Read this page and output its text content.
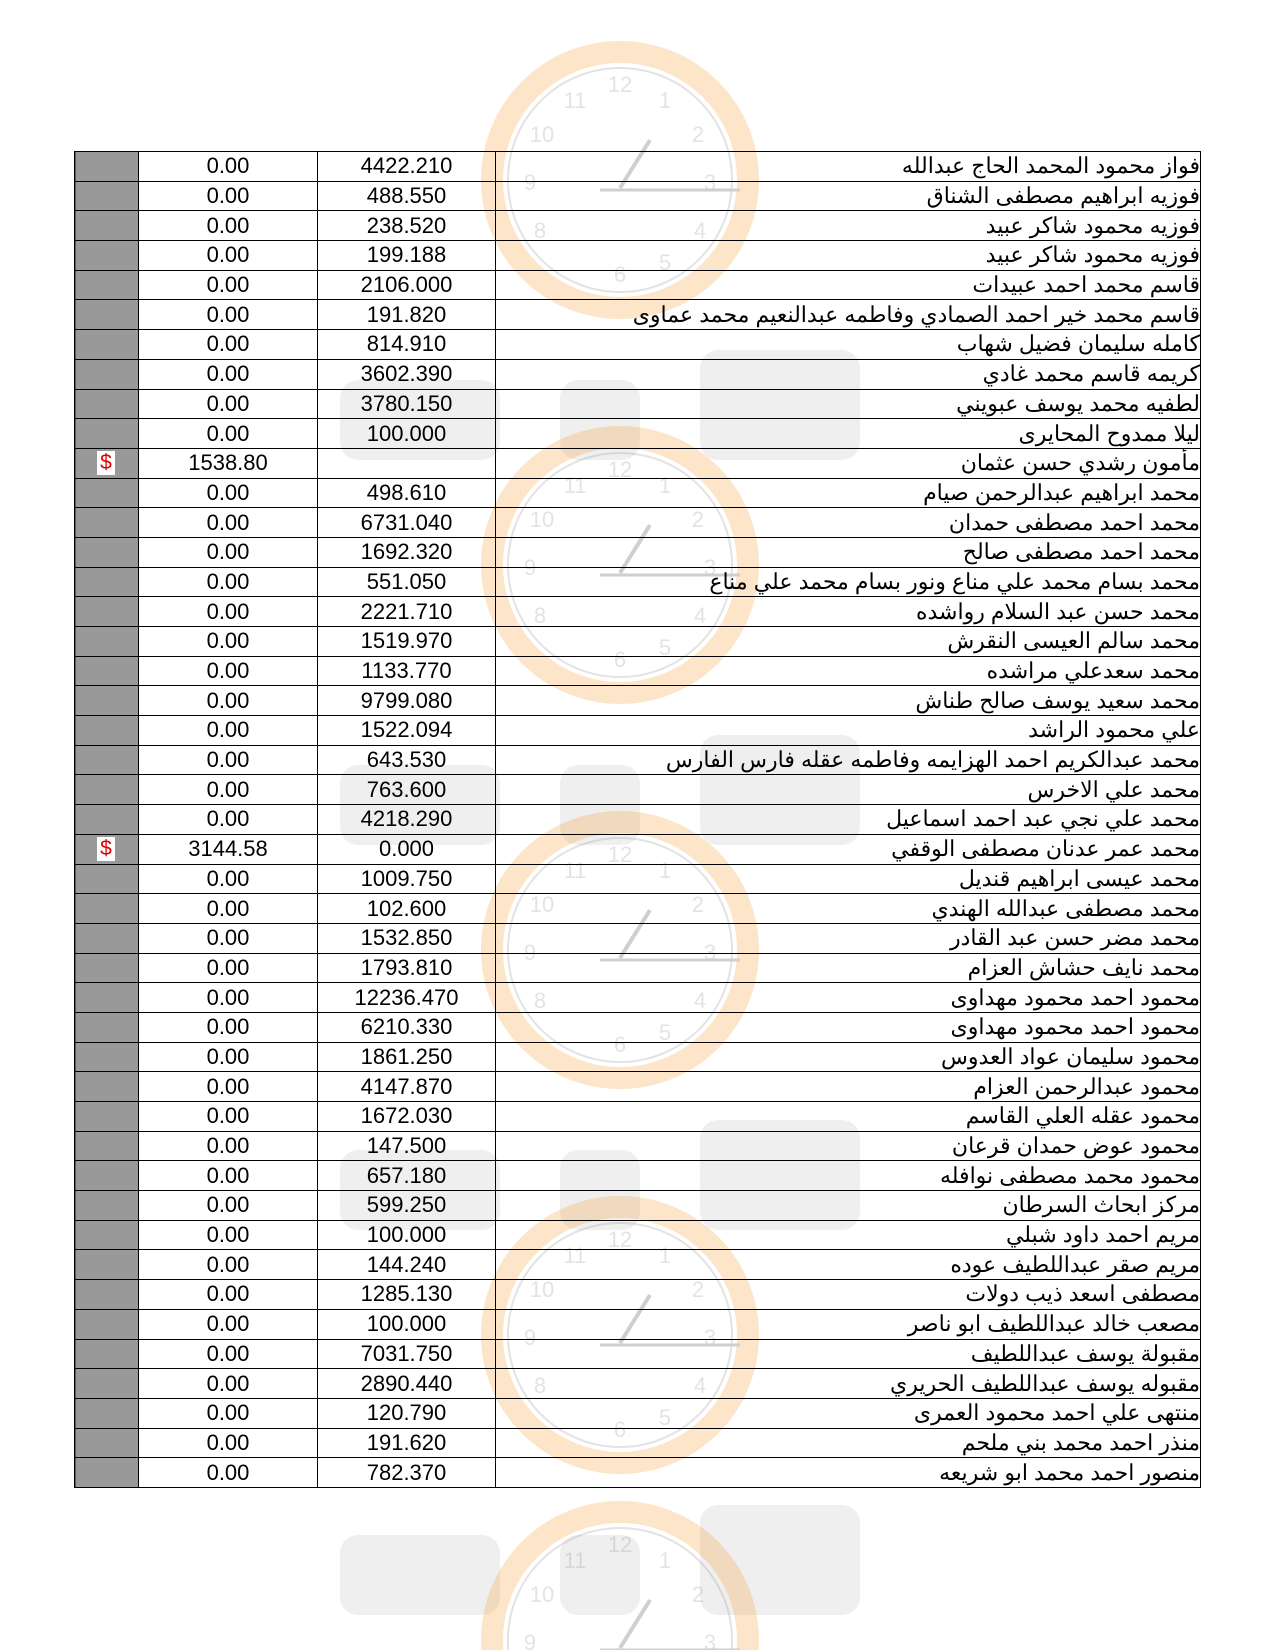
12
1
2
3
4
5
6
8
9
10
11
12
1
2
3
4
5
6
8
9
10
11
12
1
2
3
4
5
6
8
9
10
11
12
1
2
3
4
5
6
8
9
10
11
12
1
2
3
9
10
11
	0.00	4422.210	فواز محمود المحمد الحاج عبدالله
	0.00	488.550	فوزيه ابراهيم مصطفى الشناق
	0.00	238.520	فوزيه محمود شاكر عبيد
	0.00	199.188	فوزيه محمود شاكر عبيد
	0.00	2106.000	قاسم محمد احمد عبيدات
	0.00	191.820	قاسم محمد خير احمد الصمادي وفاطمه عبدالنعيم محمد عماوى
	0.00	814.910	كامله سليمان فضيل شهاب
	0.00	3602.390	كريمه قاسم محمد غادي
	0.00	3780.150	لطفيه محمد يوسف عبويني
	0.00	100.000	ليلا ممدوح المحايرى

$	1538.80		مأمون رشدي حسن عثمان
	0.00	498.610	محمد ابراهيم عبدالرحمن صيام
	0.00	6731.040	محمد احمد مصطفى حمدان
	0.00	1692.320	محمد احمد مصطفى صالح
	0.00	551.050	محمد بسام محمد علي مناع ونور بسام محمد علي مناع
	0.00	2221.710	محمد حسن عبد السلام رواشده
	0.00	1519.970	محمد سالم العيسى النقرش
	0.00	1133.770	محمد سعدعلي مراشده
	0.00	9799.080	محمد سعيد يوسف صالح طناش
	0.00	1522.094	علي محمود الراشد
	0.00	643.530	محمد عبدالكريم احمد الهزايمه وفاطمه عقله فارس الفارس
	0.00	763.600	محمد علي الاخرس
	0.00	4218.290	محمد علي نجي عبد احمد اسماعيل

$	3144.58	0.000	محمد عمر عدنان مصطفى الوقفي
	0.00	1009.750	محمد عيسى ابراهيم قنديل
	0.00	102.600	محمد مصطفى عبدالله الهندي
	0.00	1532.850	محمد مضر حسن عبد القادر
	0.00	1793.810	محمد نايف حشاش العزام
	0.00	12236.470	محمود احمد محمود مهداوى
	0.00	6210.330	محمود احمد محمود مهداوى
	0.00	1861.250	محمود سليمان عواد العدوس
	0.00	4147.870	محمود عبدالرحمن العزام
	0.00	1672.030	محمود عقله العلي القاسم
	0.00	147.500	محمود عوض حمدان قرعان
	0.00	657.180	محمود محمد مصطفى نوافله
	0.00	599.250	مركز ابحاث السرطان
	0.00	100.000	مريم احمد داود شبلي
	0.00	144.240	مريم صقر عبداللطيف عوده
	0.00	1285.130	مصطفى اسعد ذيب دولات
	0.00	100.000	مصعب خالد عبداللطيف ابو ناصر
	0.00	7031.750	مقبولة يوسف عبداللطيف
	0.00	2890.440	مقبوله يوسف عبداللطيف الحريري
	0.00	120.790	منتهى علي احمد محمود العمرى
	0.00	191.620	منذر احمد محمد بني ملحم
	0.00	782.370	منصور احمد محمد ابو شريعه
